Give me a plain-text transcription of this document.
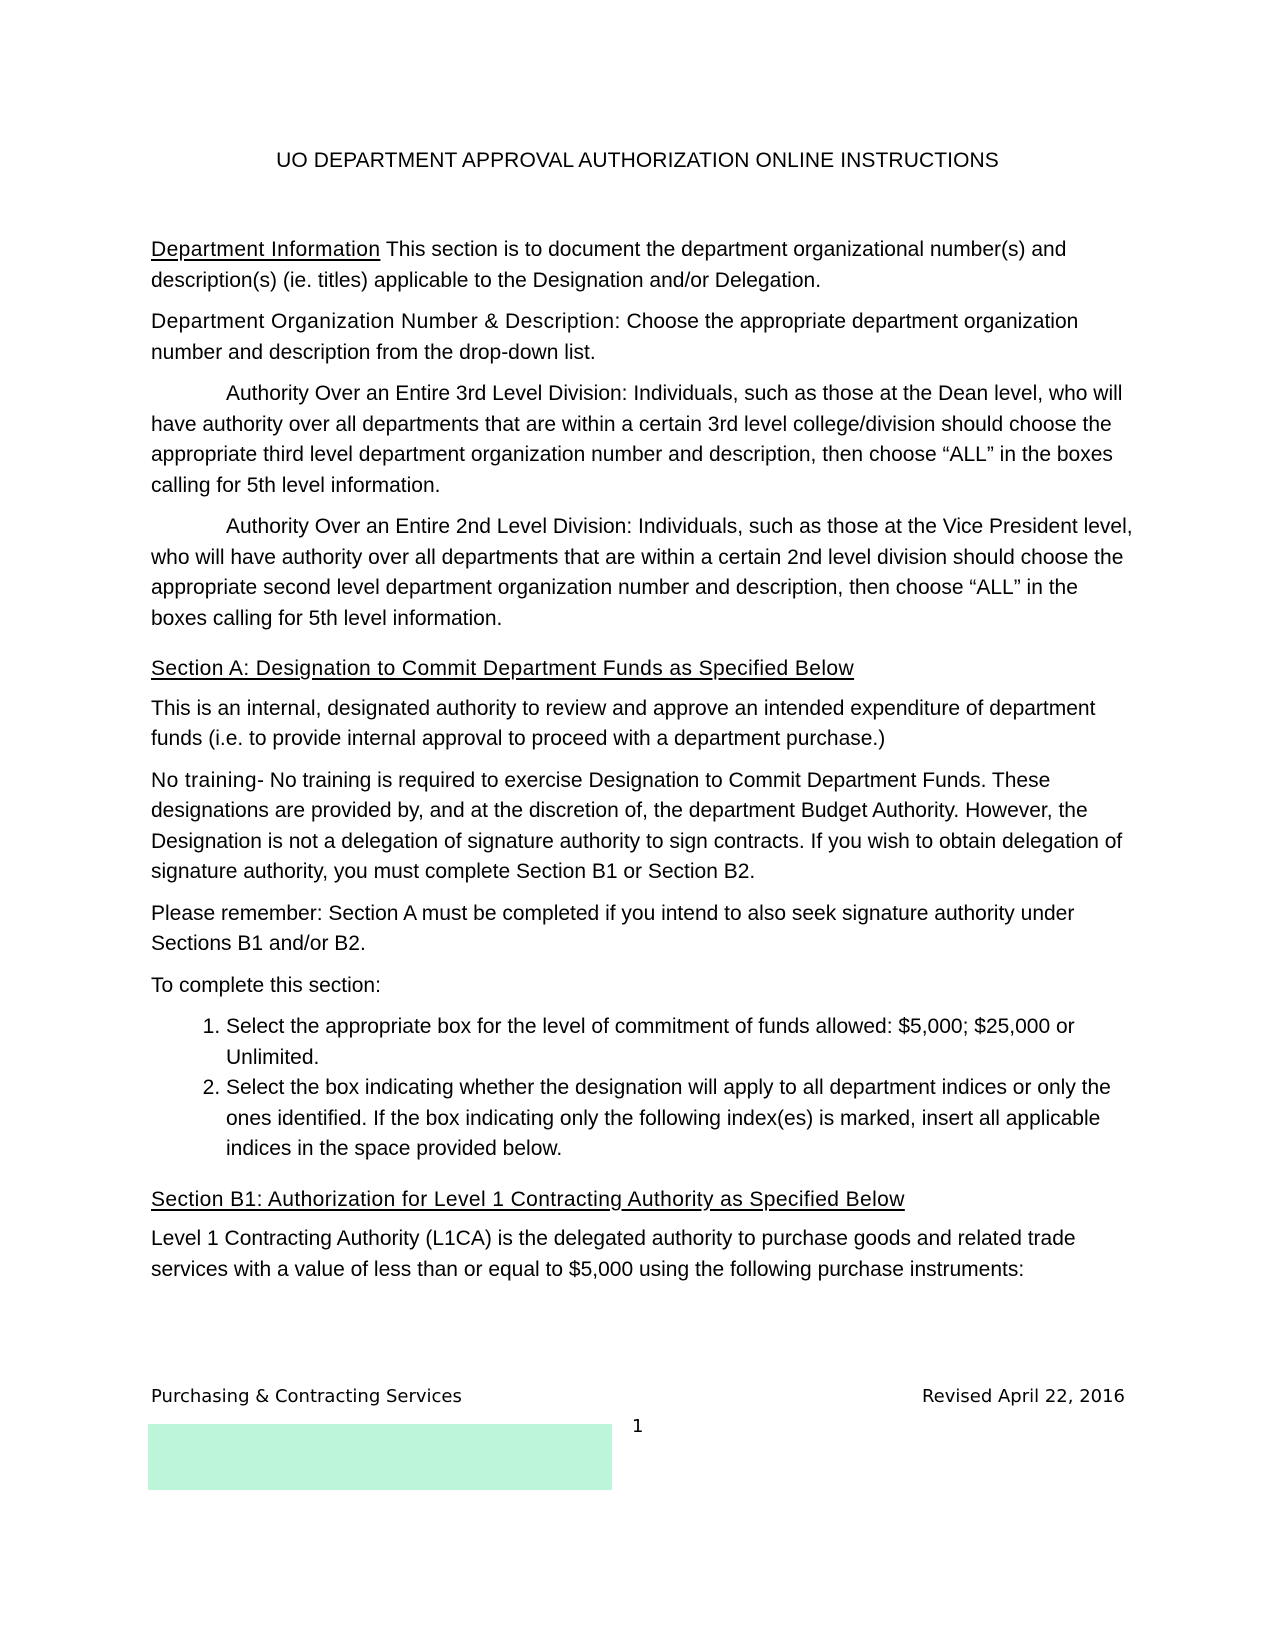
UO DEPARTMENT APPROVAL AUTHORIZATION ONLINE INSTRUCTIONS

Department Information This section is to document the department organizational number(s) and description(s) (ie. titles) applicable to the Designation and/or Delegation.

Department Organization Number & Description: Choose the appropriate department organization number and description from the drop-down list.

Authority Over an Entire 3rd Level Division: Individuals, such as those at the Dean level, who will have authority over all departments that are within a certain 3rd level college/division should choose the appropriate third level department organization number and description, then choose “ALL” in the boxes calling for 5th level information.

Authority Over an Entire 2nd Level Division: Individuals, such as those at the Vice President level, who will have authority over all departments that are within a certain 2nd level division should choose the appropriate second level department organization number and description, then choose “ALL” in the boxes calling for 5th level information.

Section A: Designation to Commit Department Funds as Specified Below

This is an internal, designated authority to review and approve an intended expenditure of department funds (i.e. to provide internal approval to proceed with a department purchase.)

No training- No training is required to exercise Designation to Commit Department Funds. These designations are provided by, and at the discretion of, the department Budget Authority. However, the Designation is not a delegation of signature authority to sign contracts. If you wish to obtain delegation of signature authority, you must complete Section B1 or Section B2.

Please remember: Section A must be completed if you intend to also seek signature authority under Sections B1 and/or B2.

To complete this section:

1. Select the appropriate box for the level of commitment of funds allowed: $5,000; $25,000 or Unlimited.
2. Select the box indicating whether the designation will apply to all department indices or only the ones identified. If the box indicating only the following index(es) is marked, insert all applicable indices in the space provided below.

Section B1: Authorization for Level 1 Contracting Authority as Specified Below

Level 1 Contracting Authority (L1CA) is the delegated authority to purchase goods and related trade services with a value of less than or equal to $5,000 using the following purchase instruments:

Purchasing & Contracting Services	Revised April 22, 2016
1
